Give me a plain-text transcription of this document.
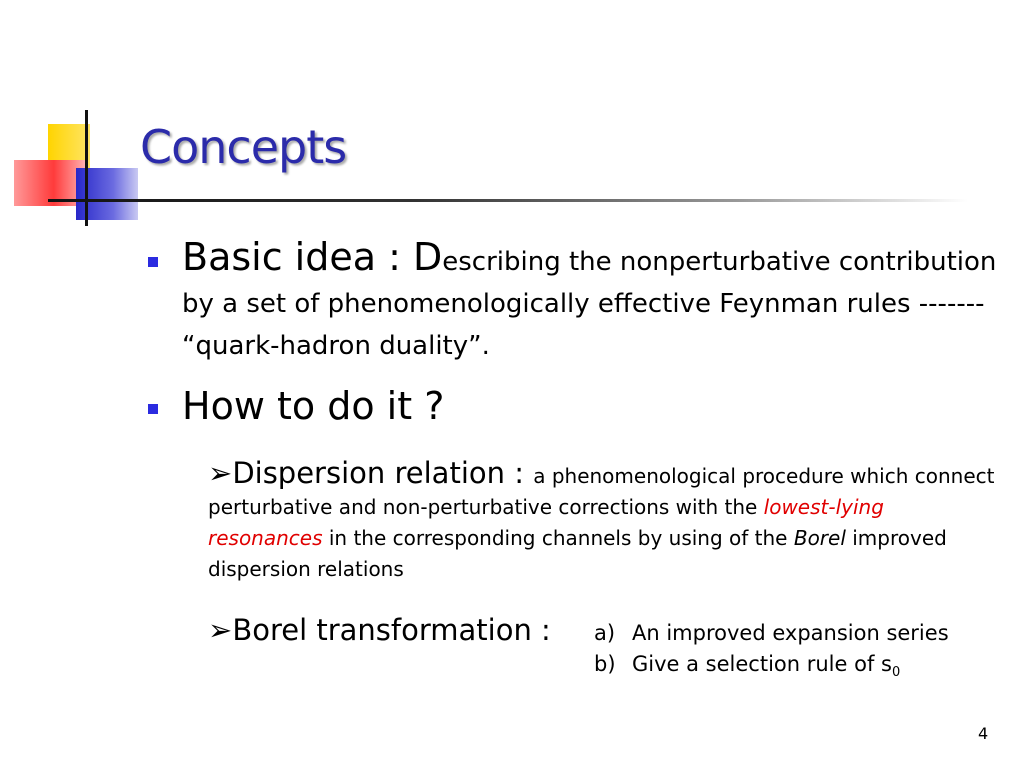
Concepts
Basic idea : Describing the nonperturbative contribution by a set of phenomenologically effective Feynman rules ------- “quark-hadron duality”.
How to do it ?
➢Dispersion relation : a phenomenological procedure which connect perturbative and non-perturbative corrections with the lowest-lying resonances in the corresponding channels by using of the Borel improved dispersion relations
➢Borel transformation : a) An improved expansion series
b) Give a selection rule of $s_0$
4
